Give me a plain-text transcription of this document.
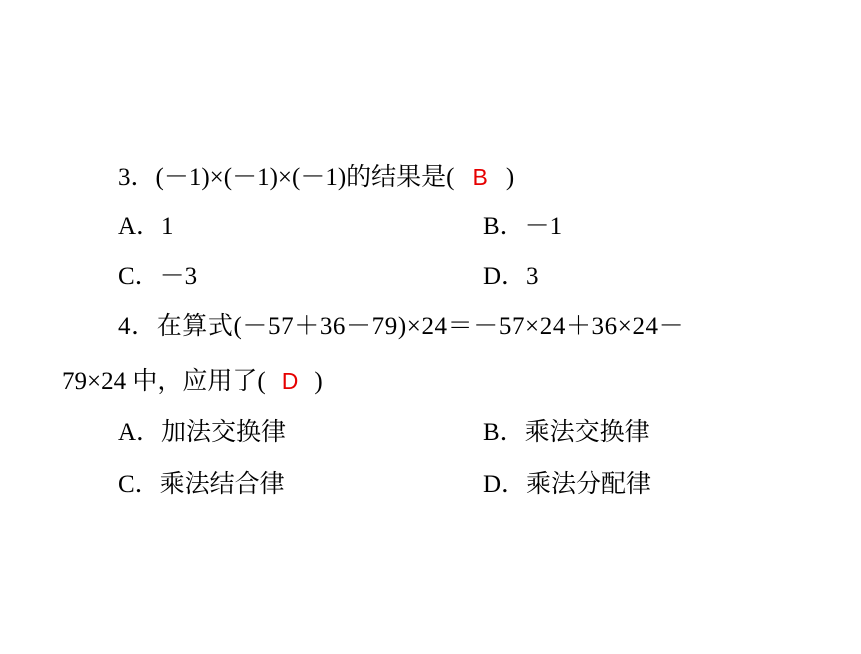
3．(－1)×(－1)×(－1)的结果是( B )
A．1	B．－1
C．－3	D．3
4．在算式(－57＋36－79)×24＝－57×24＋36×24－
79×24 中，应用了( D )
A．加法交换律	B．乘法交换律
C．乘法结合律	D．乘法分配律
